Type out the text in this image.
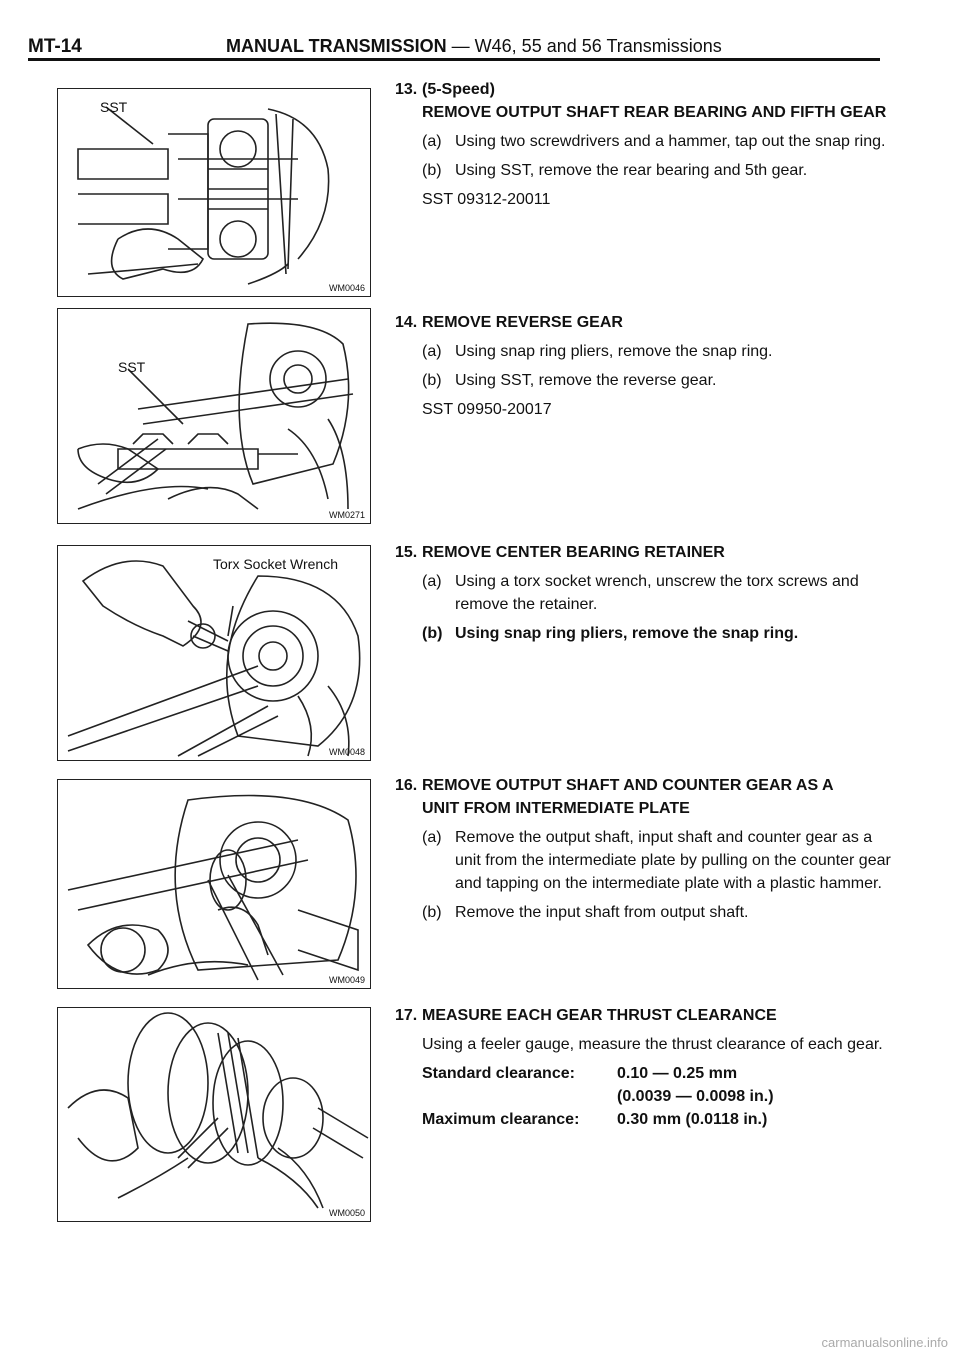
MT-14	MANUAL TRANSMISSION — W46, 55 and 56 Transmissions
SST
WM0046
SST
WM0271
Torx Socket Wrench
WM0048
WM0049
WM0050
13. (5-Speed)
REMOVE OUTPUT SHAFT REAR BEARING AND FIFTH GEAR
(a) Using two screwdrivers and a hammer, tap out the snap ring.
(b) Using SST, remove the rear bearing and 5th gear.
SST 09312-20011
14. REMOVE REVERSE GEAR
(a) Using snap ring pliers, remove the snap ring.
(b) Using SST, remove the reverse gear.
SST 09950-20017
15. REMOVE CENTER BEARING RETAINER
(a) Using a torx socket wrench, unscrew the torx screws and remove the retainer.
(b) Using snap ring pliers, remove the snap ring.
16. REMOVE OUTPUT SHAFT AND COUNTER GEAR AS A
UNIT FROM INTERMEDIATE PLATE
(a) Remove the output shaft, input shaft and counter gear as a unit from the intermediate plate by pulling on the counter gear and tapping on the intermediate plate with a plastic hammer.
(b) Remove the input shaft from output shaft.
17. MEASURE EACH GEAR THRUST CLEARANCE
Using a feeler gauge, measure the thrust clearance of each gear.
Standard clearance:	0.10 — 0.25 mm
(0.0039 — 0.0098 in.)
Maximum clearance: 0.30 mm (0.0118 in.)
carmanualsonline.info
